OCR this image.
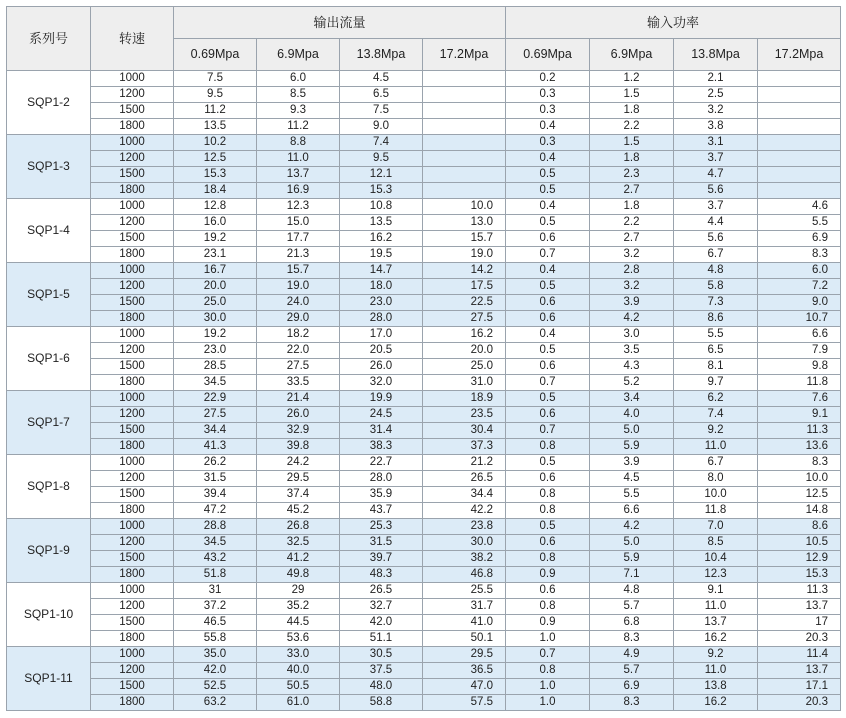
系列号	转速	输出流量				输入功率			
		0.69Mpa	6.9Mpa	13.8Mpa	17.2Mpa	0.69Mpa	6.9Mpa	13.8Mpa	17.2Mpa
SQP1-2	1000	7.5	6.0	4.5		0.2	1.2	2.1	
	1200	9.5	8.5	6.5		0.3	1.5	2.5	
	1500	11.2	9.3	7.5		0.3	1.8	3.2	
	1800	13.5	11.2	9.0		0.4	2.2	3.8	
SQP1-3	1000	10.2	8.8	7.4		0.3	1.5	3.1	
	1200	12.5	11.0	9.5		0.4	1.8	3.7	
	1500	15.3	13.7	12.1		0.5	2.3	4.7	
	1800	18.4	16.9	15.3		0.5	2.7	5.6	
SQP1-4	1000	12.8	12.3	10.8	10.0	0.4	1.8	3.7	4.6
	1200	16.0	15.0	13.5	13.0	0.5	2.2	4.4	5.5
	1500	19.2	17.7	16.2	15.7	0.6	2.7	5.6	6.9
	1800	23.1	21.3	19.5	19.0	0.7	3.2	6.7	8.3
SQP1-5	1000	16.7	15.7	14.7	14.2	0.4	2.8	4.8	6.0
	1200	20.0	19.0	18.0	17.5	0.5	3.2	5.8	7.2
	1500	25.0	24.0	23.0	22.5	0.6	3.9	7.3	9.0
	1800	30.0	29.0	28.0	27.5	0.6	4.2	8.6	10.7
SQP1-6	1000	19.2	18.2	17.0	16.2	0.4	3.0	5.5	6.6
	1200	23.0	22.0	20.5	20.0	0.5	3.5	6.5	7.9
	1500	28.5	27.5	26.0	25.0	0.6	4.3	8.1	9.8
	1800	34.5	33.5	32.0	31.0	0.7	5.2	9.7	11.8
SQP1-7	1000	22.9	21.4	19.9	18.9	0.5	3.4	6.2	7.6
	1200	27.5	26.0	24.5	23.5	0.6	4.0	7.4	9.1
	1500	34.4	32.9	31.4	30.4	0.7	5.0	9.2	11.3
	1800	41.3	39.8	38.3	37.3	0.8	5.9	11.0	13.6
SQP1-8	1000	26.2	24.2	22.7	21.2	0.5	3.9	6.7	8.3
	1200	31.5	29.5	28.0	26.5	0.6	4.5	8.0	10.0
	1500	39.4	37.4	35.9	34.4	0.8	5.5	10.0	12.5
	1800	47.2	45.2	43.7	42.2	0.8	6.6	11.8	14.8
SQP1-9	1000	28.8	26.8	25.3	23.8	0.5	4.2	7.0	8.6
	1200	34.5	32.5	31.5	30.0	0.6	5.0	8.5	10.5
	1500	43.2	41.2	39.7	38.2	0.8	5.9	10.4	12.9
	1800	51.8	49.8	48.3	46.8	0.9	7.1	12.3	15.3
SQP1-10	1000	31	29	26.5	25.5	0.6	4.8	9.1	11.3
	1200	37.2	35.2	32.7	31.7	0.8	5.7	11.0	13.7
	1500	46.5	44.5	42.0	41.0	0.9	6.8	13.7	17
	1800	55.8	53.6	51.1	50.1	1.0	8.3	16.2	20.3
SQP1-11	1000	35.0	33.0	30.5	29.5	0.7	4.9	9.2	11.4
	1200	42.0	40.0	37.5	36.5	0.8	5.7	11.0	13.7
	1500	52.5	50.5	48.0	47.0	1.0	6.9	13.8	17.1
	1800	63.2	61.0	58.8	57.5	1.0	8.3	16.2	20.3
